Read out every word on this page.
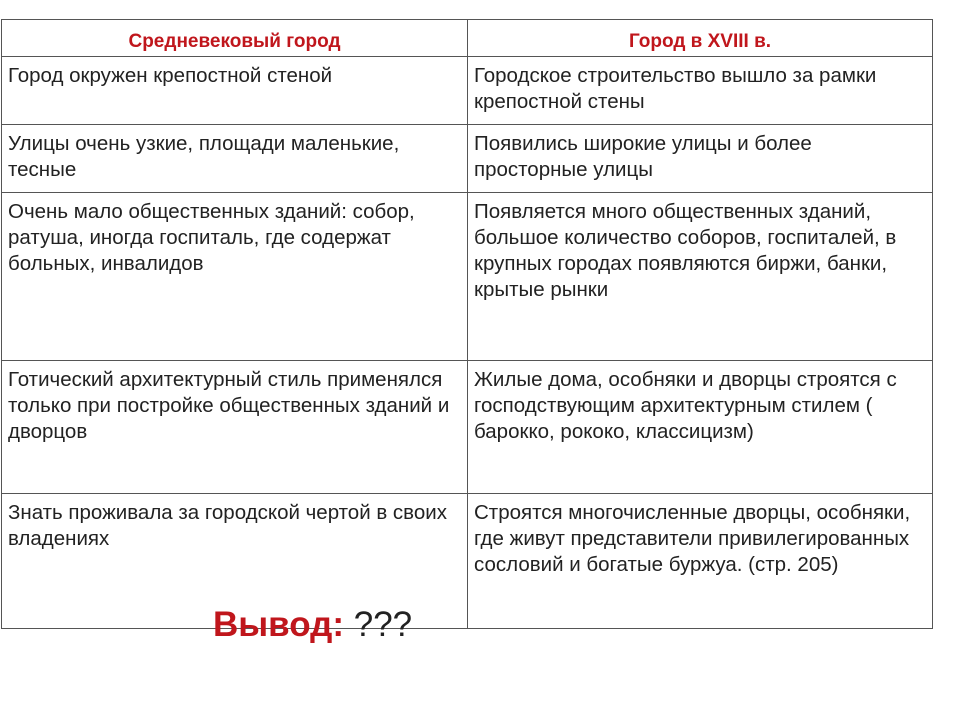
Средневековый город	Город в XVIII в.
Город окружен крепостной стеной	Городское строительство вышло за рамки крепостной стены
Улицы очень узкие, площади маленькие, тесные	Появились широкие улицы и более просторные улицы
Очень мало общественных зданий: собор, ратуша, иногда госпиталь, где содержат больных, инвалидов	Появляется много общественных зданий, большое количество соборов, госпиталей, в крупных городах появляются биржи, банки, крытые рынки
Готический архитектурный стиль применялся только при постройке общественных зданий и дворцов	Жилые дома, особняки и дворцы строятся с господствующим архитектурным стилем ( барокко, рококо, классицизм)
Знать проживала за городской чертой в своих владениях	Строятся многочисленные дворцы, особняки, где живут представители привилегированных сословий и богатые буржуа. (стр. 205)
Вывод: ???
